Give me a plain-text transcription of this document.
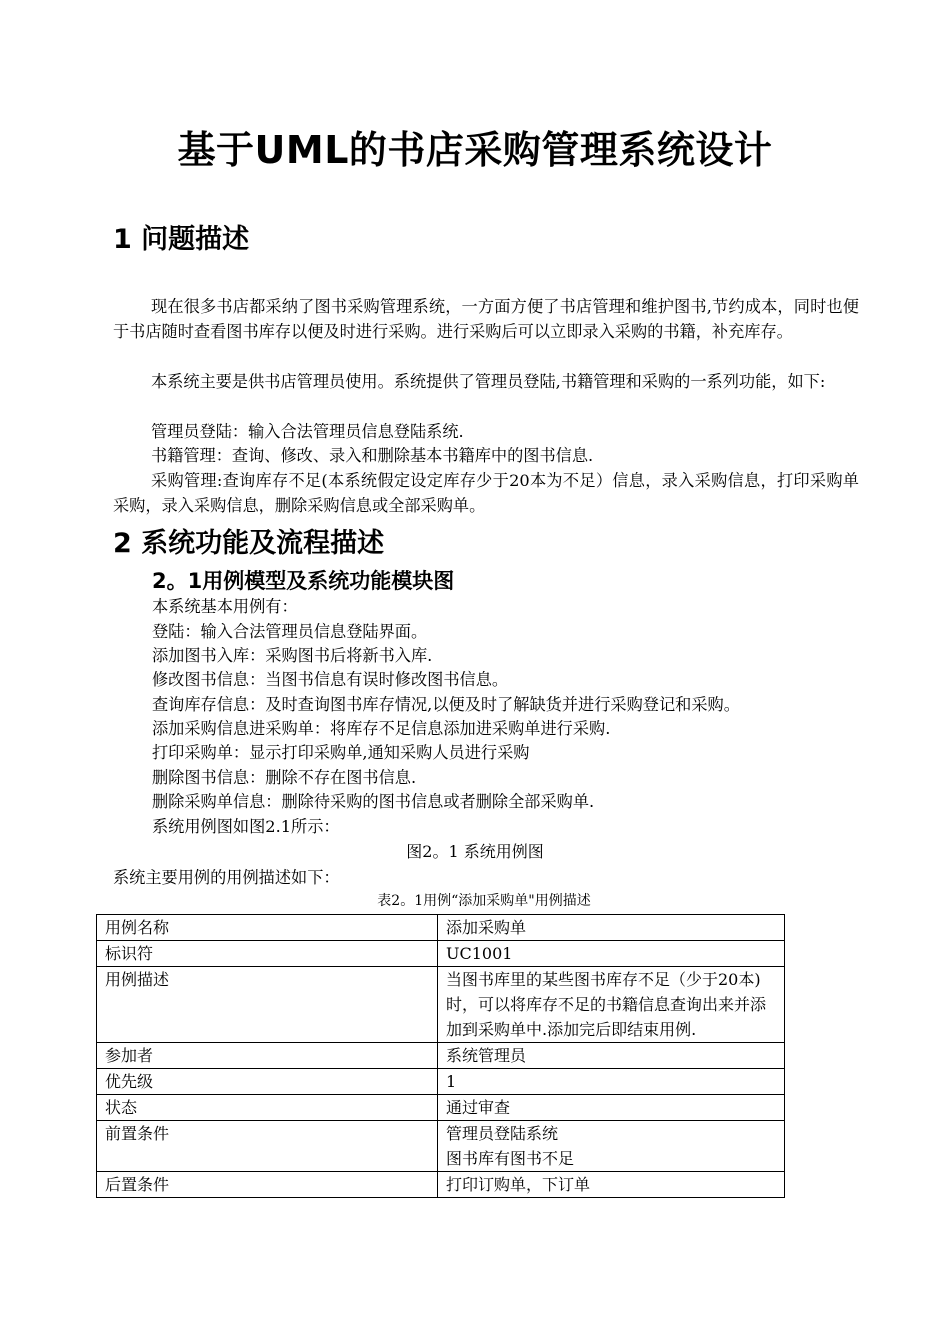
基于UML的书店采购管理系统设计
1 问题描述
现在很多书店都采纳了图书采购管理系统，一方面方便了书店管理和维护图书,节约成本，同时也便于书店随时查看图书库存以便及时进行采购。进行采购后可以立即录入采购的书籍，补充库存。
本系统主要是供书店管理员使用。系统提供了管理员登陆,书籍管理和采购的一系列功能，如下:
管理员登陆：输入合法管理员信息登陆系统.
书籍管理：查询、修改、录入和删除基本书籍库中的图书信息.
采购管理:查询库存不足(本系统假定设定库存少于20本为不足）信息，录入采购信息，打印采购单采购，录入采购信息，删除采购信息或全部采购单。
2 系统功能及流程描述
2。1用例模型及系统功能模块图
本系统基本用例有：
登陆：输入合法管理员信息登陆界面。
添加图书入库：采购图书后将新书入库.
修改图书信息：当图书信息有误时修改图书信息。
查询库存信息：及时查询图书库存情况,以便及时了解缺货并进行采购登记和采购。
添加采购信息进采购单：将库存不足信息添加进采购单进行采购.
打印采购单：显示打印采购单,通知采购人员进行采购
删除图书信息：删除不存在图书信息.
删除采购单信息：删除待采购的图书信息或者删除全部采购单.
系统用例图如图2.1所示：
图2。1 系统用例图
系统主要用例的用例描述如下：
表2。1用例“添加采购单"用例描述
用例名称	添加采购单
标识符	UC1001
用例描述	当图书库里的某些图书库存不足（少于20本)时，可以将库存不足的书籍信息查询出来并添加到采购单中.添加完后即结束用例.
参加者	系统管理员
优先级	1
状态	通过审查
前置条件	管理员登陆系统
图书库有图书不足
后置条件	打印订购单，下订单
